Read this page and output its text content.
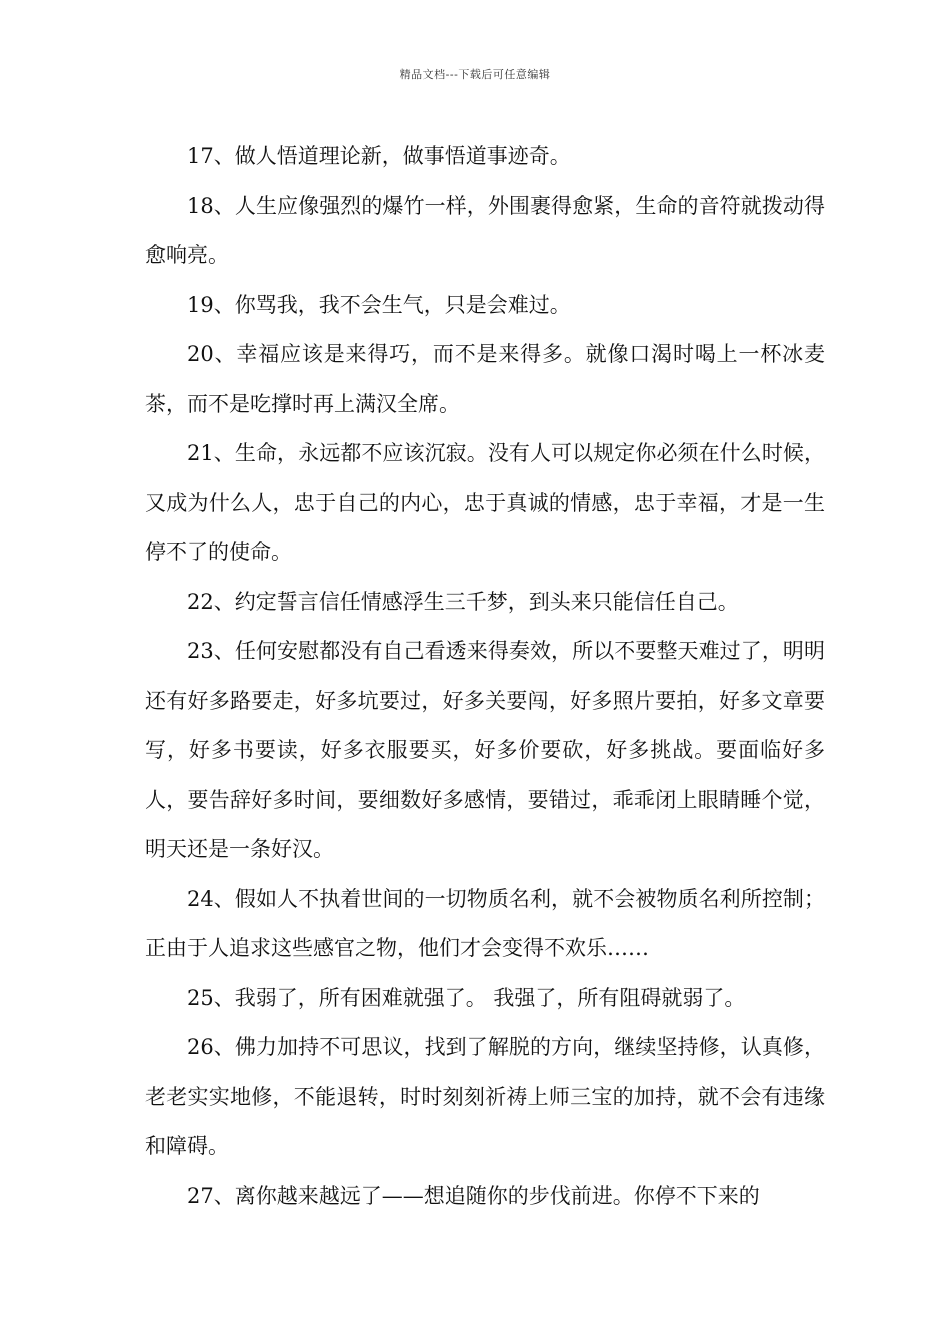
精品文档---下载后可任意编辑

17、做人悟道理论新，做事悟道事迹奇。

18、人生应像强烈的爆竹一样，外围裹得愈紧，生命的音符就拨动得愈响亮。

19、你骂我，我不会生气，只是会难过。

20、幸福应该是来得巧，而不是来得多。就像口渴时喝上一杯冰麦茶，而不是吃撑时再上满汉全席。

21、生命，永远都不应该沉寂。没有人可以规定你必须在什么时候，又成为什么人，忠于自己的内心，忠于真诚的情感，忠于幸福，才是一生停不了的使命。

22、约定誓言信任情感浮生三千梦，到头来只能信任自己。

23、任何安慰都没有自己看透来得奏效，所以不要整天难过了，明明还有好多路要走，好多坑要过，好多关要闯，好多照片要拍，好多文章要写，好多书要读，好多衣服要买，好多价要砍，好多挑战。要面临好多人，要告辞好多时间，要细数好多感情，要错过，乖乖闭上眼睛睡个觉，明天还是一条好汉。

24、假如人不执着世间的一切物质名利，就不会被物质名利所控制；正由于人追求这些感官之物，他们才会变得不欢乐……

25、我弱了，所有困难就强了。 我强了，所有阻碍就弱了。

26、佛力加持不可思议，找到了解脱的方向，继续坚持修，认真修，老老实实地修，不能退转，时时刻刻祈祷上师三宝的加持，就不会有违缘和障碍。

27、离你越来越远了——想追随你的步伐前进。你停不下来的
